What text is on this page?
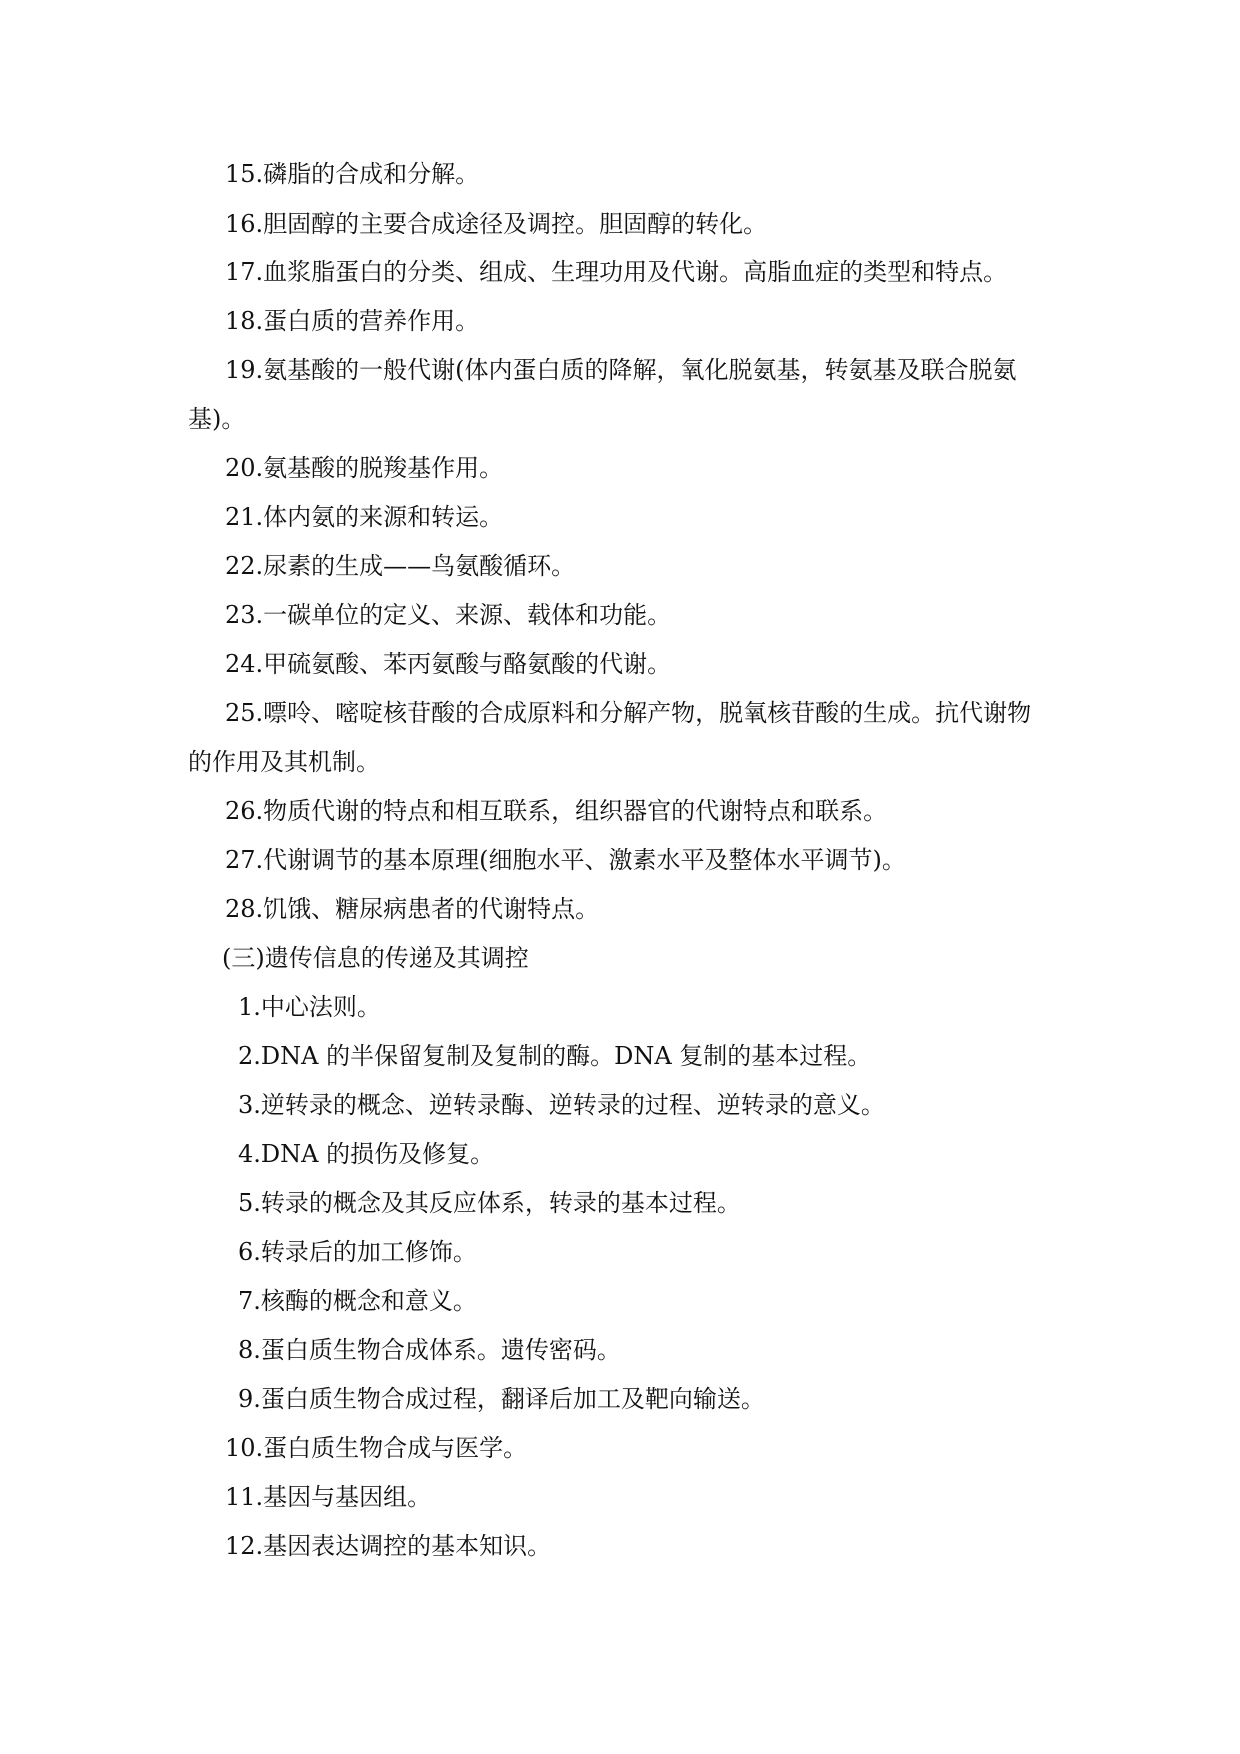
15.磷脂的合成和分解。
16.胆固醇的主要合成途径及调控。胆固醇的转化。
17.血浆脂蛋白的分类、组成、生理功用及代谢。高脂血症的类型和特点。
18.蛋白质的营养作用。
19.氨基酸的一般代谢(体内蛋白质的降解，氧化脱氨基，转氨基及联合脱氨
基)。
20.氨基酸的脱羧基作用。
21.体内氨的来源和转运。
22.尿素的生成——鸟氨酸循环。
23.一碳单位的定义、来源、载体和功能。
24.甲硫氨酸、苯丙氨酸与酪氨酸的代谢。
25.嘌呤、嘧啶核苷酸的合成原料和分解产物，脱氧核苷酸的生成。抗代谢物
的作用及其机制。
26.物质代谢的特点和相互联系，组织器官的代谢特点和联系。
27.代谢调节的基本原理(细胞水平、激素水平及整体水平调节)。
28.饥饿、糖尿病患者的代谢特点。
(三)遗传信息的传递及其调控
1.中心法则。
2.DNA 的半保留复制及复制的酶。DNA 复制的基本过程。
3.逆转录的概念、逆转录酶、逆转录的过程、逆转录的意义。
4.DNA 的损伤及修复。
5.转录的概念及其反应体系，转录的基本过程。
6.转录后的加工修饰。
7.核酶的概念和意义。
8.蛋白质生物合成体系。遗传密码。
9.蛋白质生物合成过程，翻译后加工及靶向输送。
10.蛋白质生物合成与医学。
11.基因与基因组。
12.基因表达调控的基本知识。
